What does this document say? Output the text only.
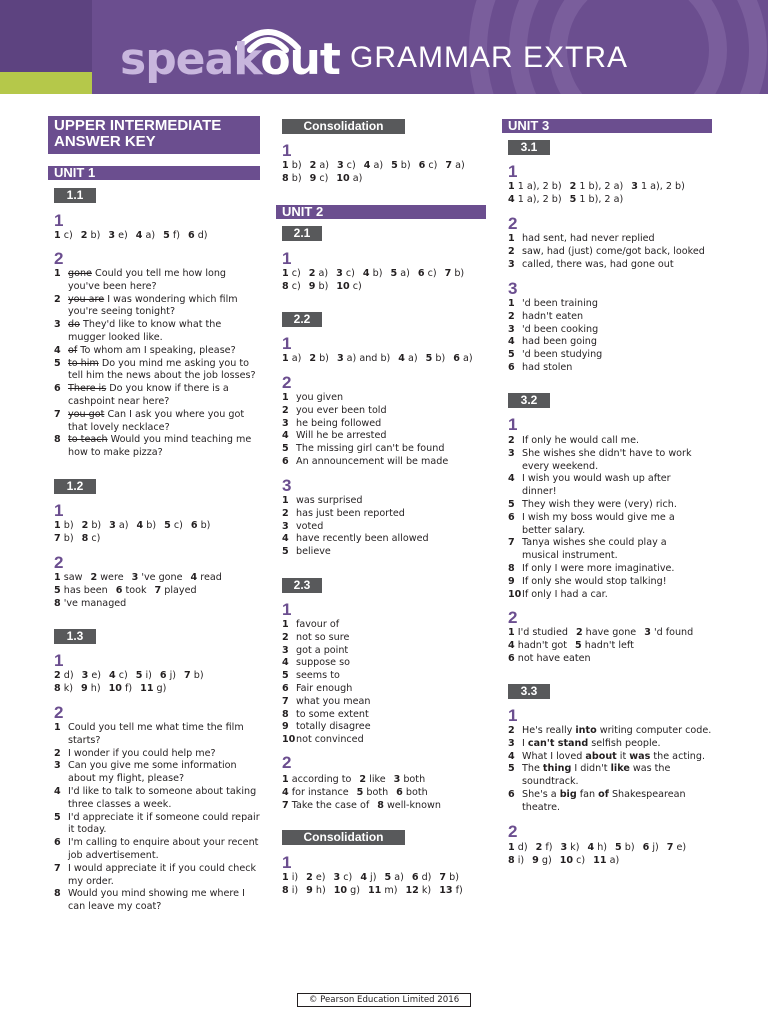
speakout GRAMMAR EXTRA
UPPER INTERMEDIATE
ANSWER KEY
UNIT 1
1.1
1
1 c) 2 b) 3 e) 4 a) 5 f) 6 d)
2
1 gone Could you tell me how long
you've been here?
2 you are I was wondering which film
you're seeing tonight?
3 do They'd like to know what the
mugger looked like.
4 of To whom am I speaking, please?
5 to him Do you mind me asking you to
tell him the news about the job losses?
6 There is Do you know if there is a
cashpoint near here?
7 you got Can I ask you where you got
that lovely necklace?
8 to teach Would you mind teaching me
how to make pizza?
1.2
1
1 b) 2 b) 3 a) 4 b) 5 c) 6 b)
7 b) 8 c)
2
1 saw 2 were 3 've gone 4 read
5 has been 6 took 7 played
8 've managed
1.3
1
2 d) 3 e) 4 c) 5 i) 6 j) 7 b)
8 k) 9 h) 10 f) 11 g)
2
1 Could you tell me what time the film
starts?
2 I wonder if you could help me?
3 Can you give me some information
about my flight, please?
4 I'd like to talk to someone about taking
three classes a week.
5 I'd appreciate it if someone could repair
it today.
6 I'm calling to enquire about your recent
job advertisement.
7 I would appreciate it if you could check
my order.
8 Would you mind showing me where I
can leave my coat?
Consolidation
1
1 b) 2 a) 3 c) 4 a) 5 b) 6 c) 7 a)
8 b) 9 c) 10 a)
UNIT 2
2.1
1
1 c) 2 a) 3 c) 4 b) 5 a) 6 c) 7 b)
8 c) 9 b) 10 c)
2.2
1
1 a) 2 b) 3 a) and b) 4 a) 5 b) 6 a)
2
1 you given
2 you ever been told
3 he being followed
4 Will he be arrested
5 The missing girl can't be found
6 An announcement will be made
3
1 was surprised
2 has just been reported
3 voted
4 have recently been allowed
5 believe
2.3
1
1 favour of
2 not so sure
3 got a point
4 suppose so
5 seems to
6 Fair enough
7 what you mean
8 to some extent
9 totally disagree
10 not convinced
2
1 according to 2 like 3 both
4 for instance 5 both 6 both
7 Take the case of 8 well-known
Consolidation
1
1 i) 2 e) 3 c) 4 j) 5 a) 6 d) 7 b)
8 i) 9 h) 10 g) 11 m) 12 k) 13 f)
UNIT 3
3.1
1
1 1 a), 2 b) 2 1 b), 2 a) 3 1 a), 2 b)
4 1 a), 2 b) 5 1 b), 2 a)
2
1 had sent, had never replied
2 saw, had (just) come/got back, looked
3 called, there was, had gone out
3
1 'd been training
2 hadn't eaten
3 'd been cooking
4 had been going
5 'd been studying
6 had stolen
3.2
1
2 If only he would call me.
3 She wishes she didn't have to work
every weekend.
4 I wish you would wash up after
dinner!
5 They wish they were (very) rich.
6 I wish my boss would give me a
better salary.
7 Tanya wishes she could play a
musical instrument.
8 If only I were more imaginative.
9 If only she would stop talking!
10 If only I had a car.
2
1 I'd studied 2 have gone 3 'd found
4 hadn't got 5 hadn't left
6 not have eaten
3.3
1
2 He's really into writing computer code.
3 I can't stand selfish people.
4 What I loved about it was the acting.
5 The thing I didn't like was the
soundtrack.
6 She's a big fan of Shakespearean
theatre.
2
1 d) 2 f) 3 k) 4 h) 5 b) 6 j) 7 e)
8 i) 9 g) 10 c) 11 a)
© Pearson Education Limited 2016
